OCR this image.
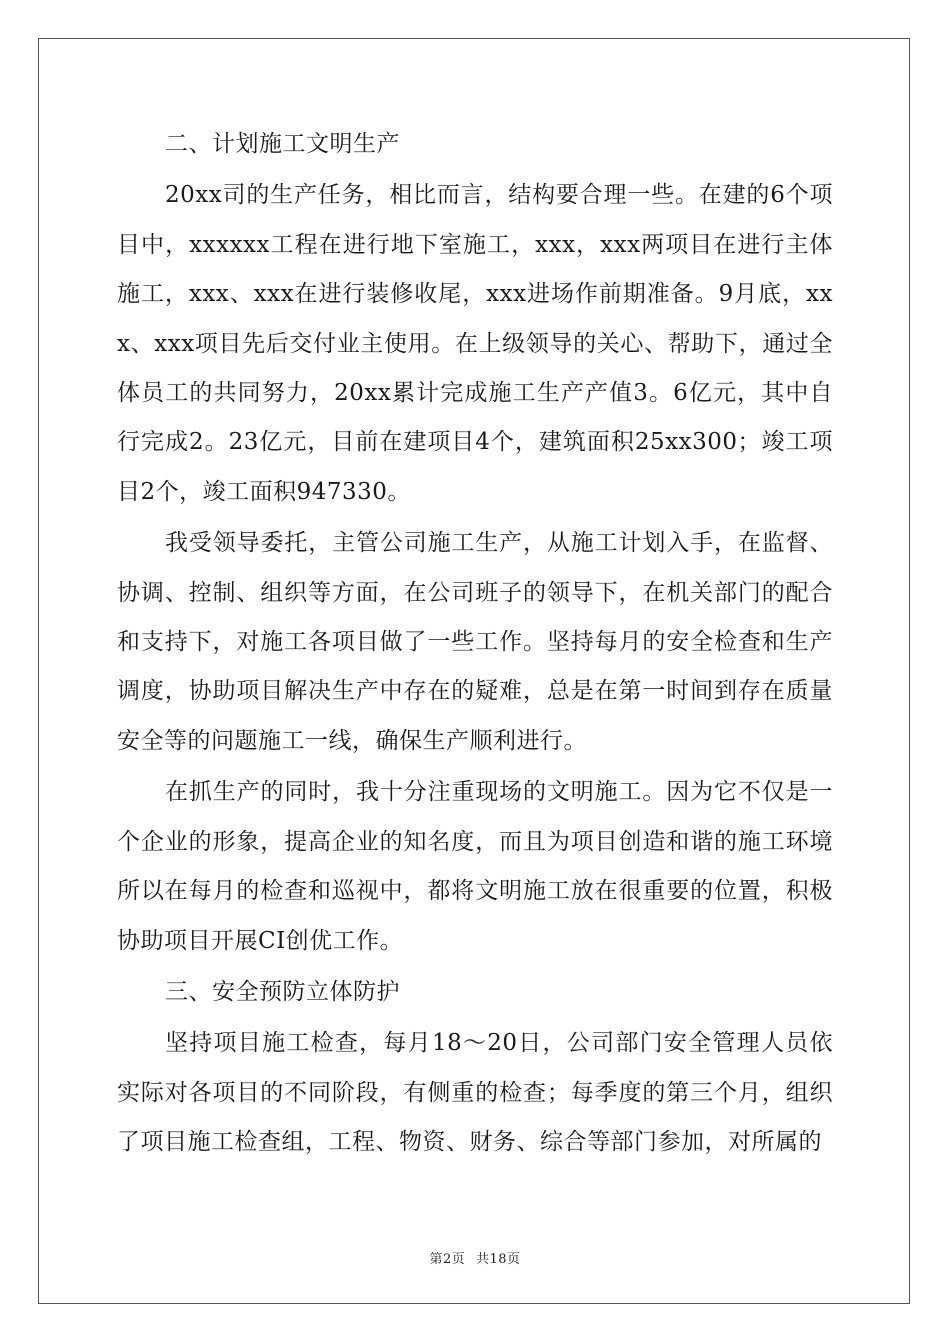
二、计划施工文明生产

20xx司的生产任务，相比而言，结构要合理一些。在建的6个项目中，xxxxxx工程在进行地下室施工，xxx，xxx两项目在进行主体施工，xxx、xxx在进行装修收尾，xxx进场作前期准备。9月底，xxx、xxx项目先后交付业主使用。在上级领导的关心、帮助下，通过全体员工的共同努力，20xx累计完成施工生产产值3。6亿元，其中自行完成2。23亿元，目前在建项目4个，建筑面积25xx300；竣工项目2个，竣工面积947330。

我受领导委托，主管公司施工生产，从施工计划入手，在监督、协调、控制、组织等方面，在公司班子的领导下，在机关部门的配合和支持下，对施工各项目做了一些工作。坚持每月的安全检查和生产调度，协助项目解决生产中存在的疑难，总是在第一时间到存在质量安全等的问题施工一线，确保生产顺利进行。

在抓生产的同时，我十分注重现场的文明施工。因为它不仅是一个企业的形象，提高企业的知名度，而且为项目创造和谐的施工环境所以在每月的检查和巡视中，都将文明施工放在很重要的位置，积极协助项目开展CI创优工作。

三、安全预防立体防护

坚持项目施工检查，每月18～20日，公司部门安全管理人员依实际对各项目的不同阶段，有侧重的检查；每季度的第三个月，组织了项目施工检查组，工程、物资、财务、综合等部门参加，对所属的

第2页 共18页
